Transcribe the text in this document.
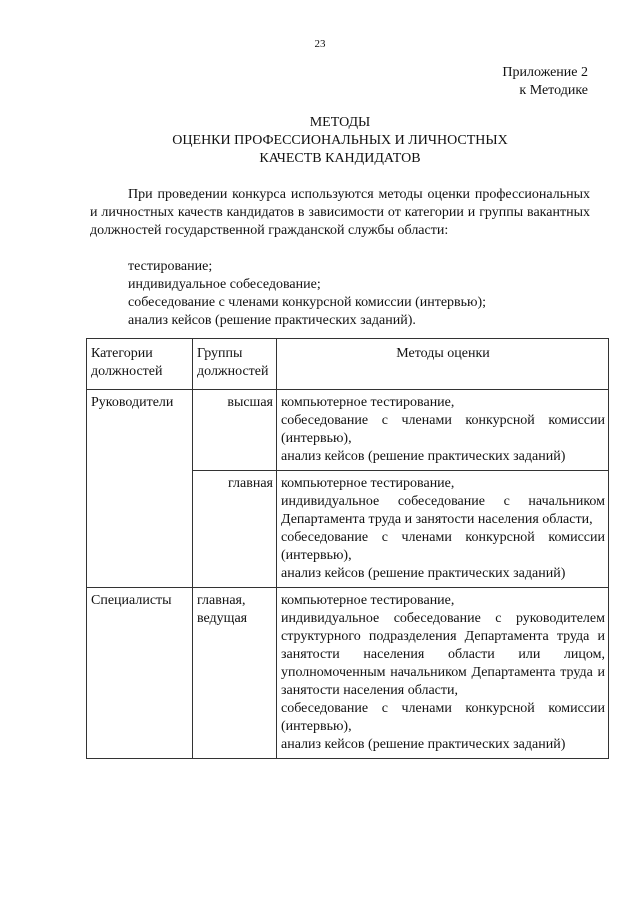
23
Приложение 2
к Методике
МЕТОДЫ
ОЦЕНКИ ПРОФЕССИОНАЛЬНЫХ И ЛИЧНОСТНЫХ
КАЧЕСТВ КАНДИДАТОВ

При проведении конкурса используются методы оценки профессиональных и личностных качеств кандидатов в зависимости от категории и группы вакантных должностей государственной гражданской службы области:

тестирование;
индивидуальное собеседование;
собеседование с членами конкурсной комиссии (интервью);
анализ кейсов (решение практических заданий).
Категории должностей	Группы должностей	Методы оценки
Руководители	высшая	компьютерное тестирование,
собеседование с членами конкурсной комиссии (интервью),
анализ кейсов (решение практических заданий)

	главная	компьютерное тестирование,
индивидуальное собеседование с начальником Департамента труда и занятости населения области,
собеседование с членами конкурсной комиссии (интервью),
анализ кейсов (решение практических заданий)

Специалисты	главная, ведущая	компьютерное тестирование,
индивидуальное собеседование с руководителем структурного подразделения Департамента труда и занятости населения области или лицом, уполномоченным начальником Департамента труда и занятости населения области,
собеседование с членами конкурсной комиссии (интервью),
анализ кейсов (решение практических заданий)
